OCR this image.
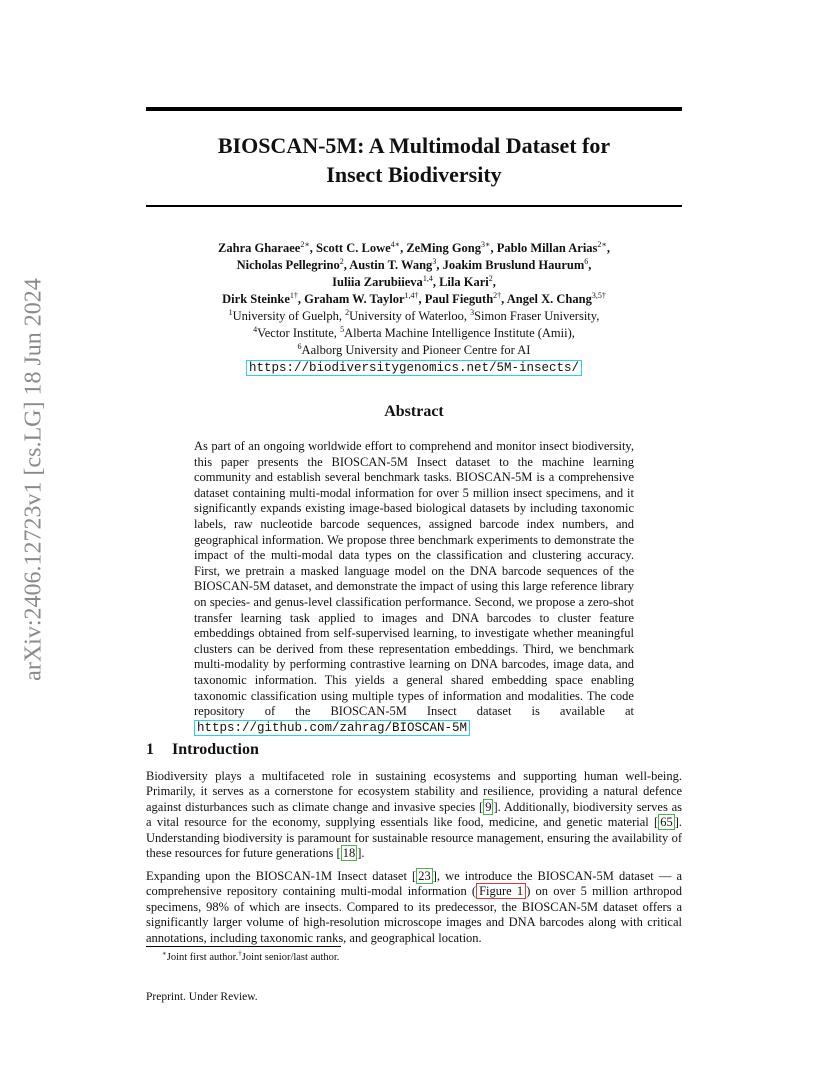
arXiv:2406.12723v1 [cs.LG] 18 Jun 2024
BIOSCAN-5M: A Multimodal Dataset for
Insect Biodiversity
Zahra Gharaee$^{2∗}$, Scott C. Lowe$^{4∗}$, ZeMing Gong$^{3∗}$, Pablo Millan Arias$^{2∗}$,
Nicholas Pellegrino$^2$, Austin T. Wang$^3$, Joakim Bruslund Haurum$^6$,
Iuliia Zarubiieva$^{1,4}$, Lila Kari$^2$,
Dirk Steinke$^{1\dagger}$, Graham W. Taylor$^{1,4\dagger}$, Paul Fieguth$^{2\dagger}$, Angel X. Chang$^{3,5\dagger}$
$^1$University of Guelph, $^2$University of Waterloo, $^3$Simon Fraser University,
$^4$Vector Institute, $^5$Alberta Machine Intelligence Institute (Amii),
$^6$Aalborg University and Pioneer Centre for AI
https://biodiversitygenomics.net/5M-insects/
Abstract
As part of an ongoing worldwide effort to comprehend and monitor insect biodiversity, this paper presents the BIOSCAN-5M Insect dataset to the machine learning community and establish several benchmark tasks. BIOSCAN-5M is a comprehensive dataset containing multi-modal information for over 5 million insect specimens, and it significantly expands existing image-based biological datasets by including taxonomic labels, raw nucleotide barcode sequences, assigned barcode index numbers, and geographical information. We propose three benchmark experiments to demonstrate the impact of the multi-modal data types on the classification and clustering accuracy. First, we pretrain a masked language model on the DNA barcode sequences of the BIOSCAN-5M dataset, and demonstrate the impact of using this large reference library on species- and genus-level classification performance. Second, we propose a zero-shot transfer learning task applied to images and DNA barcodes to cluster feature embeddings obtained from self-supervised learning, to investigate whether meaningful clusters can be derived from these representation embeddings. Third, we benchmark multi-modality by performing contrastive learning on DNA barcodes, image data, and taxonomic information. This yields a general shared embedding space enabling taxonomic classification using multiple types of information and modalities. The code repository of the BIOSCAN-5M Insect dataset is available at https://github.com/zahrag/BIOSCAN-5M
1 Introduction
Biodiversity plays a multifaceted role in sustaining ecosystems and supporting human well-being. Primarily, it serves as a cornerstone for ecosystem stability and resilience, providing a natural defence against disturbances such as climate change and invasive species [ 9 ]. Additionally, biodiversity serves as a vital resource for the economy, supplying essentials like food, medicine, and genetic material [ 65 ]. Understanding biodiversity is paramount for sustainable resource management, ensuring the availability of these resources for future generations [ 18 ].
Expanding upon the BIOSCAN-1M Insect dataset [ 23 ], we introduce the BIOSCAN-5M dataset — a comprehensive repository containing multi-modal information ( Figure 1 ) on over 5 million arthropod specimens, 98% of which are insects. Compared to its predecessor, the BIOSCAN-5M dataset offers a significantly larger volume of high-resolution microscope images and DNA barcodes along with critical annotations, including taxonomic ranks, and geographical location.
∗Joint first author.†Joint senior/last author.
Preprint. Under Review.
